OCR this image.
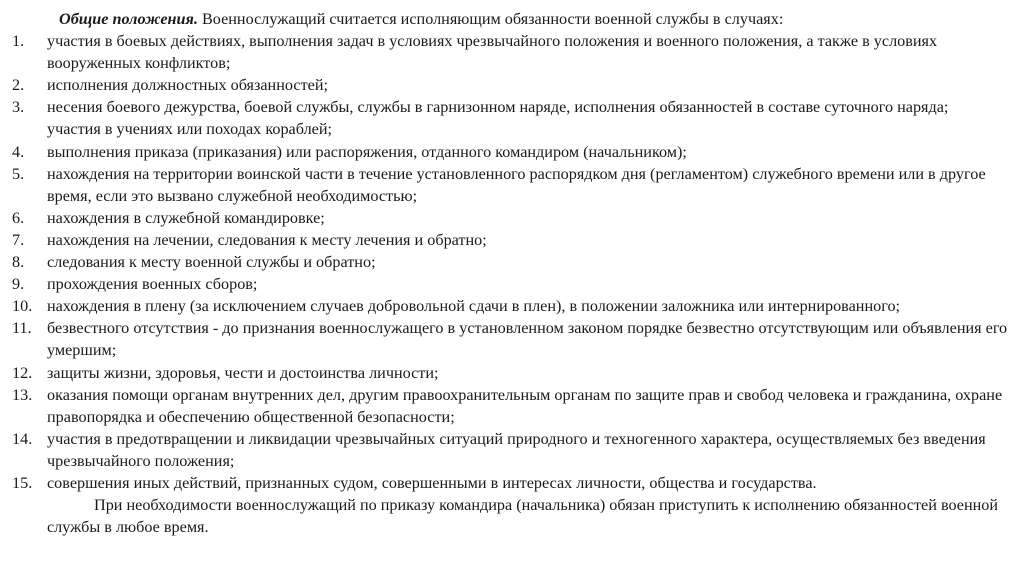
Общие положения. Военнослужащий считается исполняющим обязанности военной службы в случаях:
1.	участия в боевых действиях, выполнения задач в условиях чрезвычайного положения и военного положения, а также в условиях вооруженных конфликтов;
2.	исполнения должностных обязанностей;
3.	несения боевого дежурства, боевой службы, службы в гарнизонном наряде, исполнения обязанностей в составе суточного наряда;
участия в учениях или походах кораблей;
4.	выполнения приказа (приказания) или распоряжения, отданного командиром (начальником);
5.	нахождения на территории воинской части в течение установленного распорядком дня (регламентом) служебного времени или в другое время, если это вызвано служебной необходимостью;
6.	нахождения в служебной командировке;
7.	нахождения на лечении, следования к месту лечения и обратно;
8.	следования к месту военной службы и обратно;
9.	прохождения военных сборов;
10. нахождения в плену (за исключением случаев добровольной сдачи в плен), в положении заложника или интернированного;
11. безвестного отсутствия - до признания военнослужащего в установленном законом порядке безвестно отсутствующим или объявления его умершим;
12. защиты жизни, здоровья, чести и достоинства личности;
13. оказания помощи органам внутренних дел, другим правоохранительным органам по защите прав и свобод человека и гражданина, охране правопорядка и обеспечению общественной безопасности;
14. участия в предотвращении и ликвидации чрезвычайных ситуаций природного и техногенного характера, осуществляемых без введения чрезвычайного положения;
15. совершения иных действий, признанных судом, совершенными в интересах личности, общества и государства.
При необходимости военнослужащий по приказу командира (начальника) обязан приступить к исполнению обязанностей военной службы в любое время.
